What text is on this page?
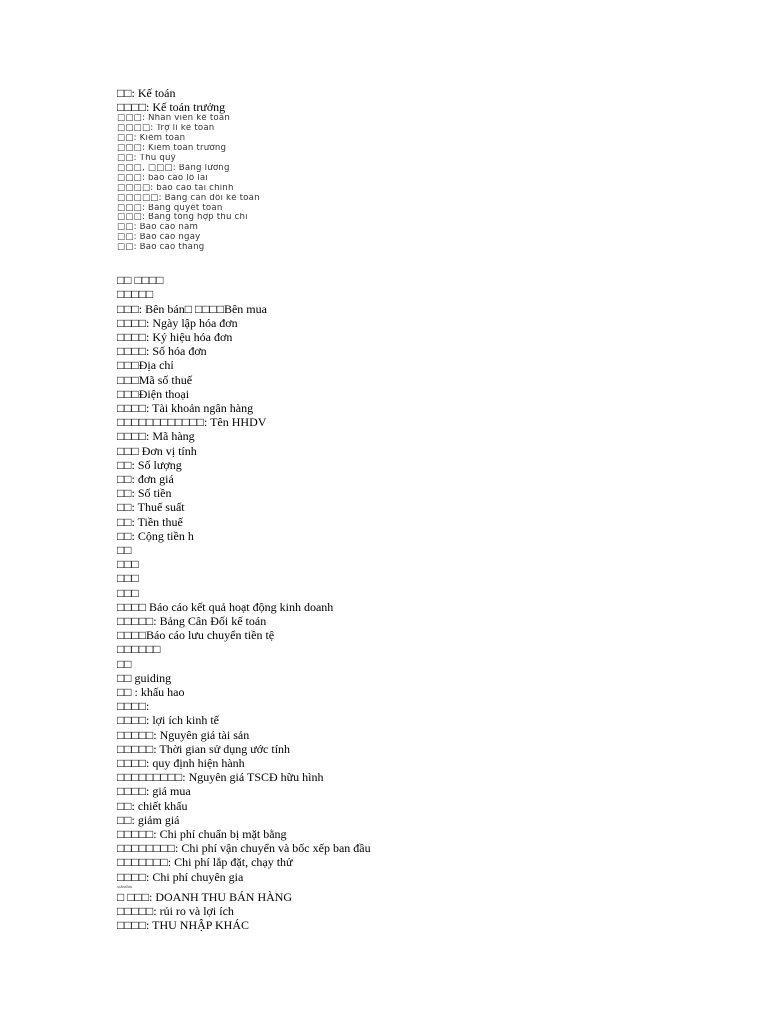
□□: Kế toán
□□□□: Kế toán trưởng
□□□: Nhân viên kế toán
□□□□: Trợ lí kế toán
□□: Kiểm toán
□□□: Kiểm toán trưởng
□□: Thủ quỹ
□□□, □□□: Bảng lương
□□□: báo cáo lỗ lãi
□□□□: báo cáo tài chính
□□□□□: Bảng cân đối kế toán
□□□: Bảng quyết toán
□□□: Bảng tổng hợp thu chi
□□: Báo cáo năm
□□: Báo cáo ngày
□□: Báo cáo tháng
□□ □□□□
□□□□□
□□□: Bên bán□ □□□□Bên mua
□□□□: Ngày lập hóa đơn
□□□□: Ký hiệu hóa đơn
□□□□: Số hóa đơn
□□□Địa chỉ
□□□Mã số thuế
□□□Điện thoại
□□□□: Tài khoản ngân hàng
□□□□□□□□□□□□: Tên HHDV
□□□□: Mã hàng
□□□ Đơn vị tính
□□: Số lượng
□□: đơn giá
□□: Số tiền
□□: Thuế suất
□□: Tiền thuế
□□: Cộng tiền h
□□
□□□
□□□
□□□
□□□□ Báo cáo kết quả hoạt động kinh doanh
□□□□□: Bảng Cân Đối kế toán
□□□□Báo cáo lưu chuyển tiền tệ
□□□□□□
□□
□□ guiding
□□ : khấu hao
□□□□:
□□□□: lợi ích kinh tế
□□□□□: Nguyên giá tài sản
□□□□□: Thời gian sử dụng ước tính
□□□□: quy định hiện hành
□□□□□□□□□: Nguyên giá TSCĐ hữu hình
□□□□: giá mua
□□: chiết khấu
□□: giảm giá
□□□□□: Chi phí chuẩn bị mặt bằng
□□□□□□□□: Chi phí vận chuyển và bốc xếp ban đầu
□□□□□□□: Chi phí lắp đặt, chạy thử
□□□□: Chi phí chuyên gia
xiānshìu
□ □□□: DOANH THU BÁN HÀNG
□□□□□: rủi ro và lợi ích
□□□□: THU NHẬP KHÁC
